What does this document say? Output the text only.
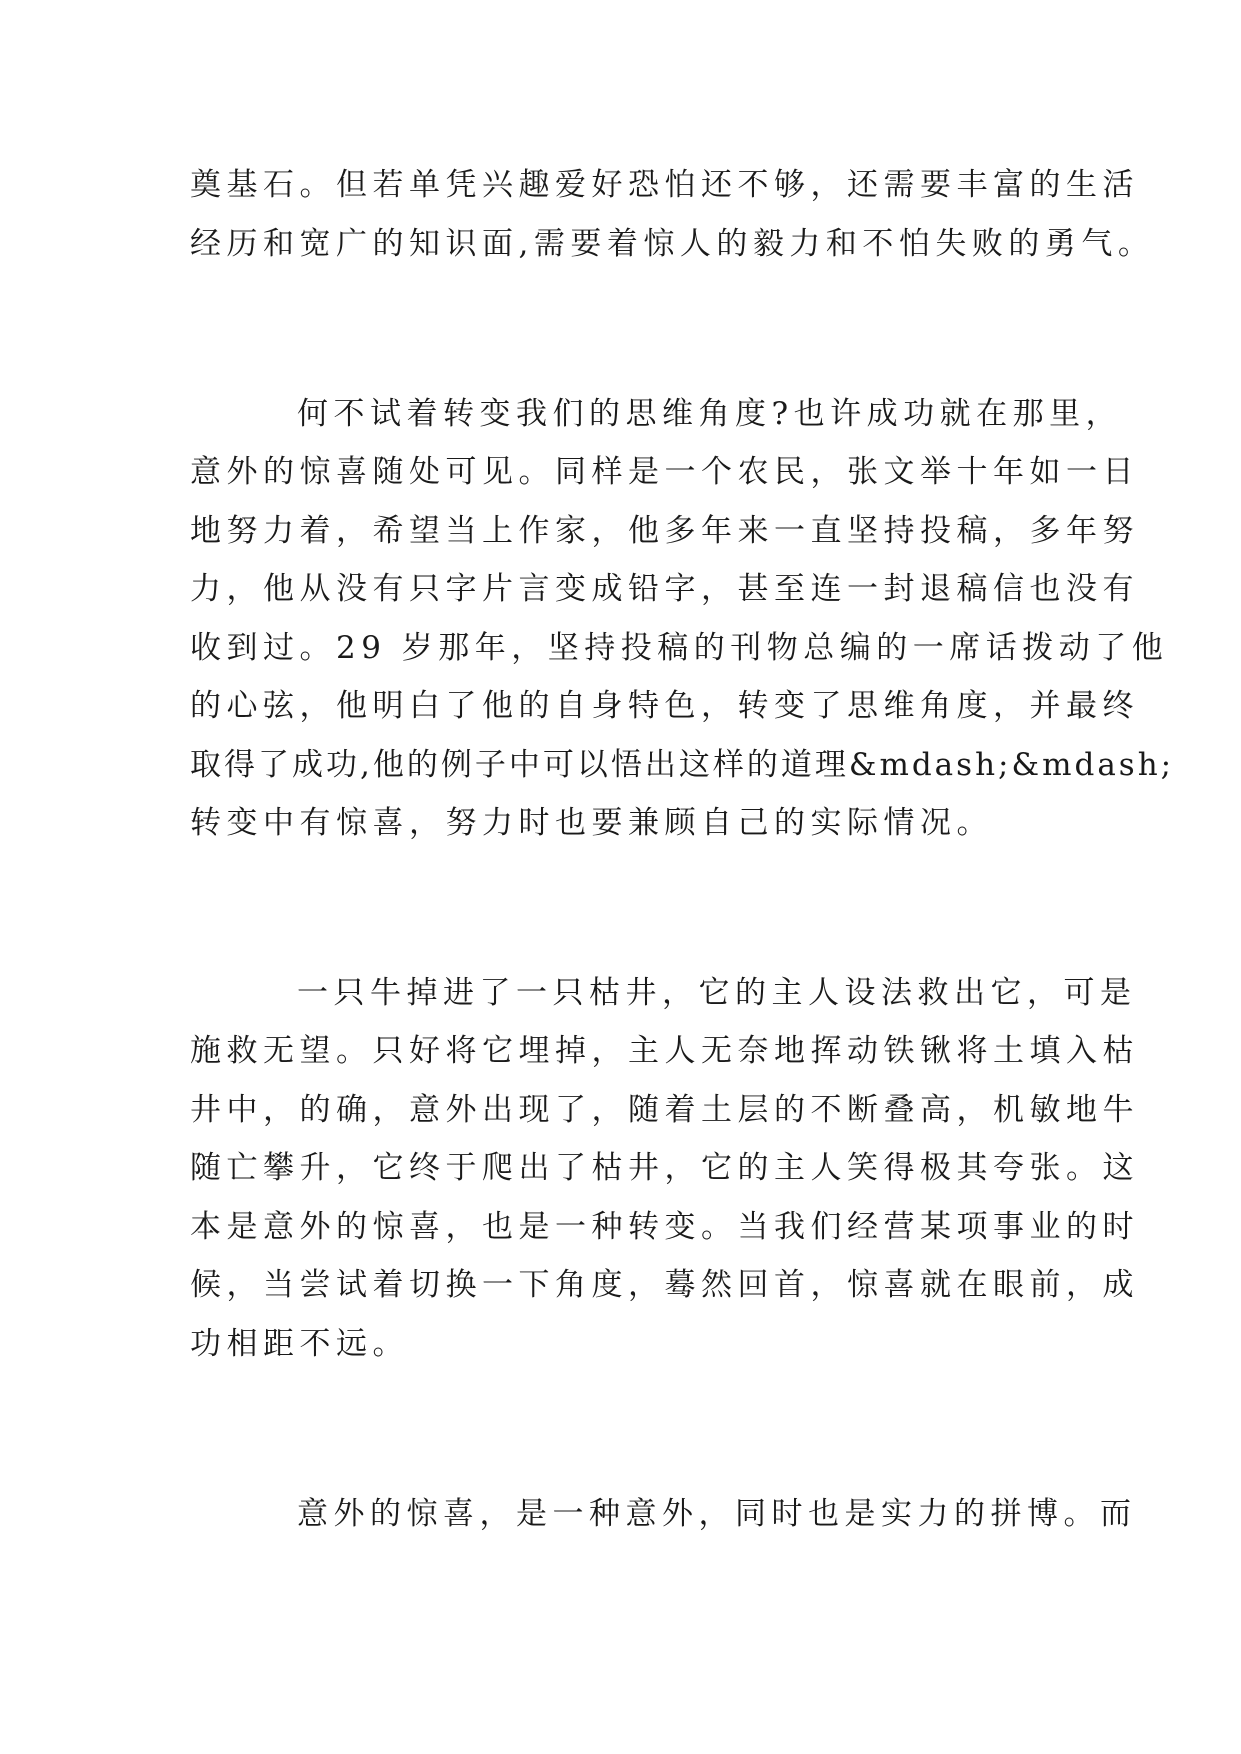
奠基石。但若单凭兴趣爱好恐怕还不够，还需要丰富的生活
经历和宽广的知识面,需要着惊人的毅力和不怕失败的勇气。
何不试着转变我们的思维角度?也许成功就在那里，
意外的惊喜随处可见。同样是一个农民，张文举十年如一日
地努力着，希望当上作家，他多年来一直坚持投稿，多年努
力，他从没有只字片言变成铅字，甚至连一封退稿信也没有
收到过。29 岁那年，坚持投稿的刊物总编的一席话拨动了他
的心弦，他明白了他的自身特色，转变了思维角度，并最终
取得了成功,他的例子中可以悟出这样的道理&mdash;&mdash;
转变中有惊喜，努力时也要兼顾自己的实际情况。
一只牛掉进了一只枯井，它的主人设法救出它，可是
施救无望。只好将它埋掉，主人无奈地挥动铁锹将土填入枯
井中，的确，意外出现了，随着土层的不断叠高，机敏地牛
随亡攀升，它终于爬出了枯井，它的主人笑得极其夸张。这
本是意外的惊喜，也是一种转变。当我们经营某项事业的时
候，当尝试着切换一下角度，蓦然回首，惊喜就在眼前，成
功相距不远。
意外的惊喜，是一种意外，同时也是实力的拼博。而
